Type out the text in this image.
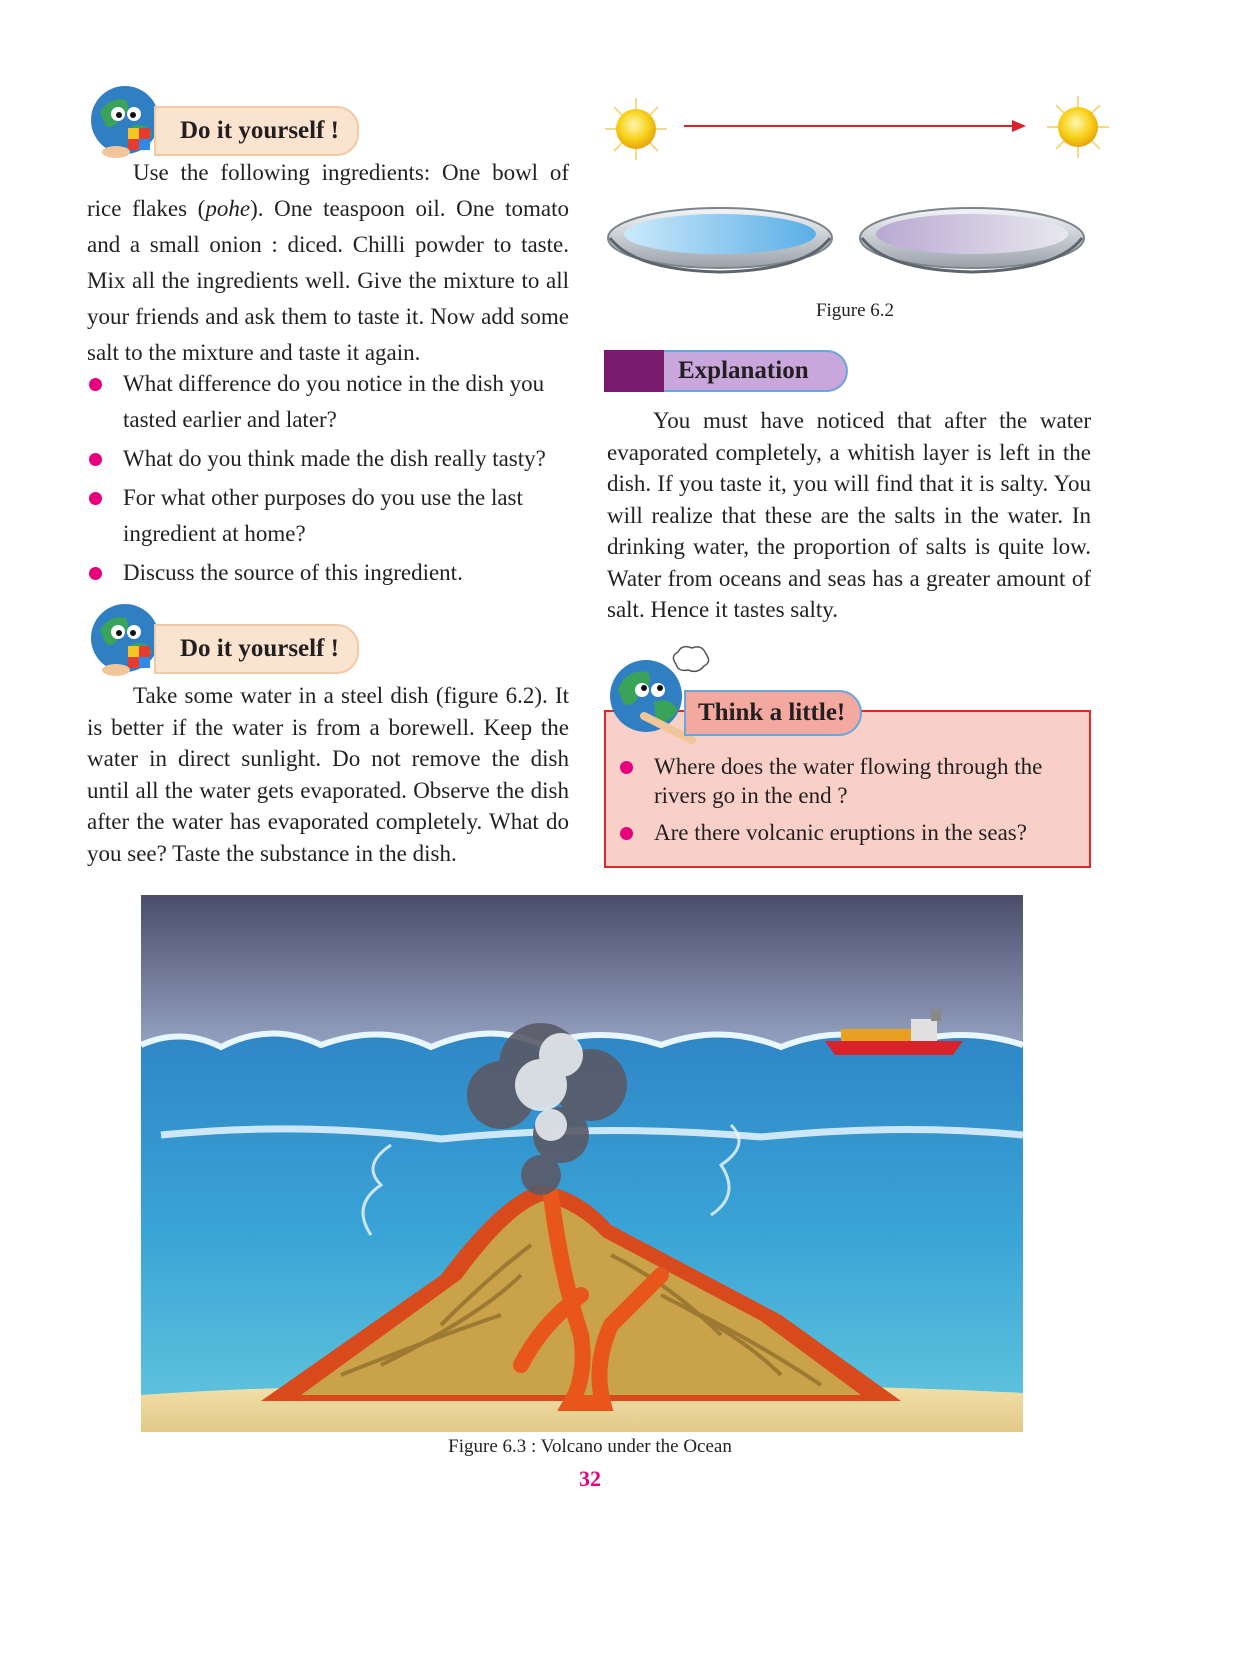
Do it yourself !

Use the following ingredients: One bowl of rice flakes (pohe). One teaspoon oil. One tomato and a small onion : diced. Chilli powder to taste. Mix all the ingredients well. Give the mixture to all your friends and ask them to taste it. Now add some salt to the mixture and taste it again.

What difference do you notice in the dish you tasted earlier and later?
What do you think made the dish really tasty?
For what other purposes do you use the last ingredient at home?
Discuss the source of this ingredient.
Do it yourself !

Take some water in a steel dish (figure 6.2). It is better if the water is from a borewell. Keep the water in direct sunlight. Do not remove the dish until all the water gets evaporated. Observe the dish after the water has evaporated completely. What do you see? Taste the substance in the dish.

Figure 6.2
Explanation

You must have noticed that after the water evaporated completely, a whitish layer is left in the dish. If you taste it, you will find that it is salty. You will realize that these are the salts in the water. In drinking water, the proportion of salts is quite low. Water from oceans and seas has a greater amount of salt. Hence it tastes salty.

Think a little!
Where does the water flowing through the rivers go in the end ?
Are there volcanic eruptions in the seas?
Figure 6.3 : Volcano under the Ocean
32
